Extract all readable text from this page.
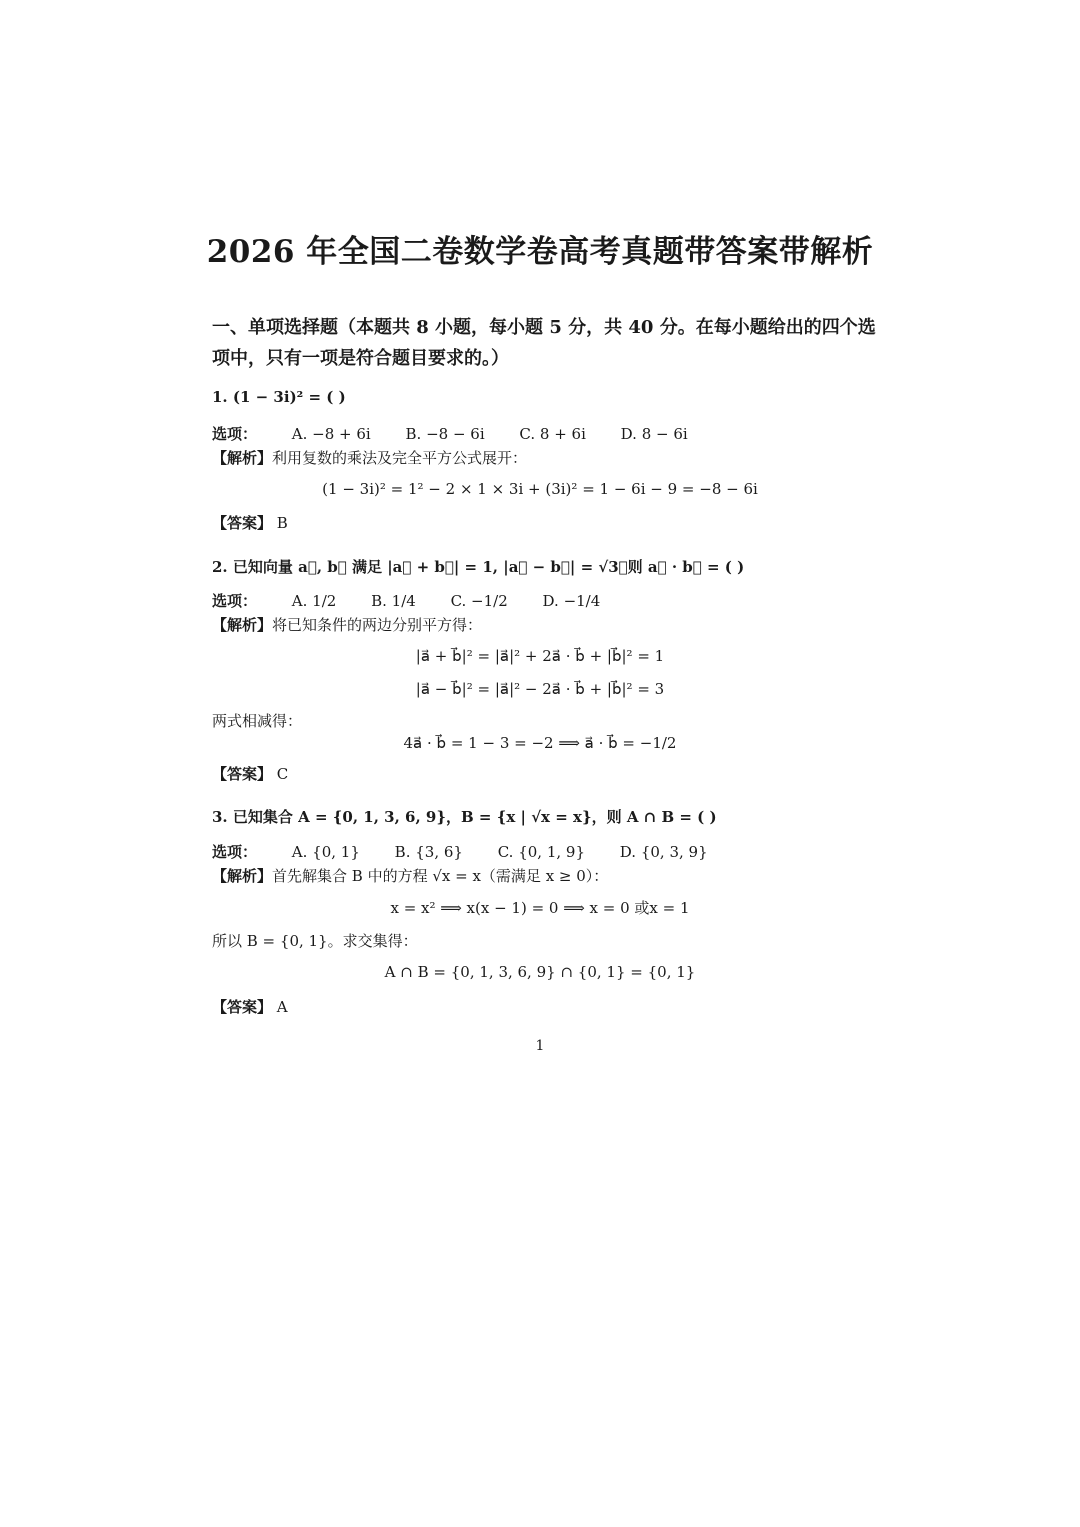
2026 年全国二卷数学卷高考真题带答案带解析
一、单项选择题（本题共 8 小题，每小题 5 分，共 40 分。在每小题给出的四个选项中，只有一项是符合题目要求的。）
1. (1 − 3i)² = ( )
选项： A. −8 + 6i B. −8 − 6i C. 8 + 6i D. 8 − 6i
【解析】利用复数的乘法及完全平方公式展开：
(1 − 3i)² = 1² − 2 × 1 × 3i + (3i)² = 1 − 6i − 9 = −8 − 6i
【答案】 B
2. 已知向量 a⃗, b⃗ 满足 |a⃗ + b⃗| = 1, |a⃗ − b⃗| = √3，则 a⃗ · b⃗ = ( )
选项： A. 1/2 B. 1/4 C. −1/2 D. −1/4
【解析】将已知条件的两边分别平方得：
|a⃗ + b⃗|² = |a⃗|² + 2a⃗ · b⃗ + |b⃗|² = 1
|a⃗ − b⃗|² = |a⃗|² − 2a⃗ · b⃗ + |b⃗|² = 3
两式相减得：
4a⃗ · b⃗ = 1 − 3 = −2 ⟹ a⃗ · b⃗ = −1/2
【答案】 C
3. 已知集合 A = {0, 1, 3, 6, 9}，B = {x | √x = x}，则 A ∩ B = ( )
选项： A. {0, 1} B. {3, 6} C. {0, 1, 9} D. {0, 3, 9}
【解析】首先解集合 B 中的方程 √x = x（需满足 x ≥ 0）：
x = x² ⟹ x(x − 1) = 0 ⟹ x = 0 或x = 1
所以 B = {0, 1}。求交集得：
A ∩ B = {0, 1, 3, 6, 9} ∩ {0, 1} = {0, 1}
【答案】 A
1
